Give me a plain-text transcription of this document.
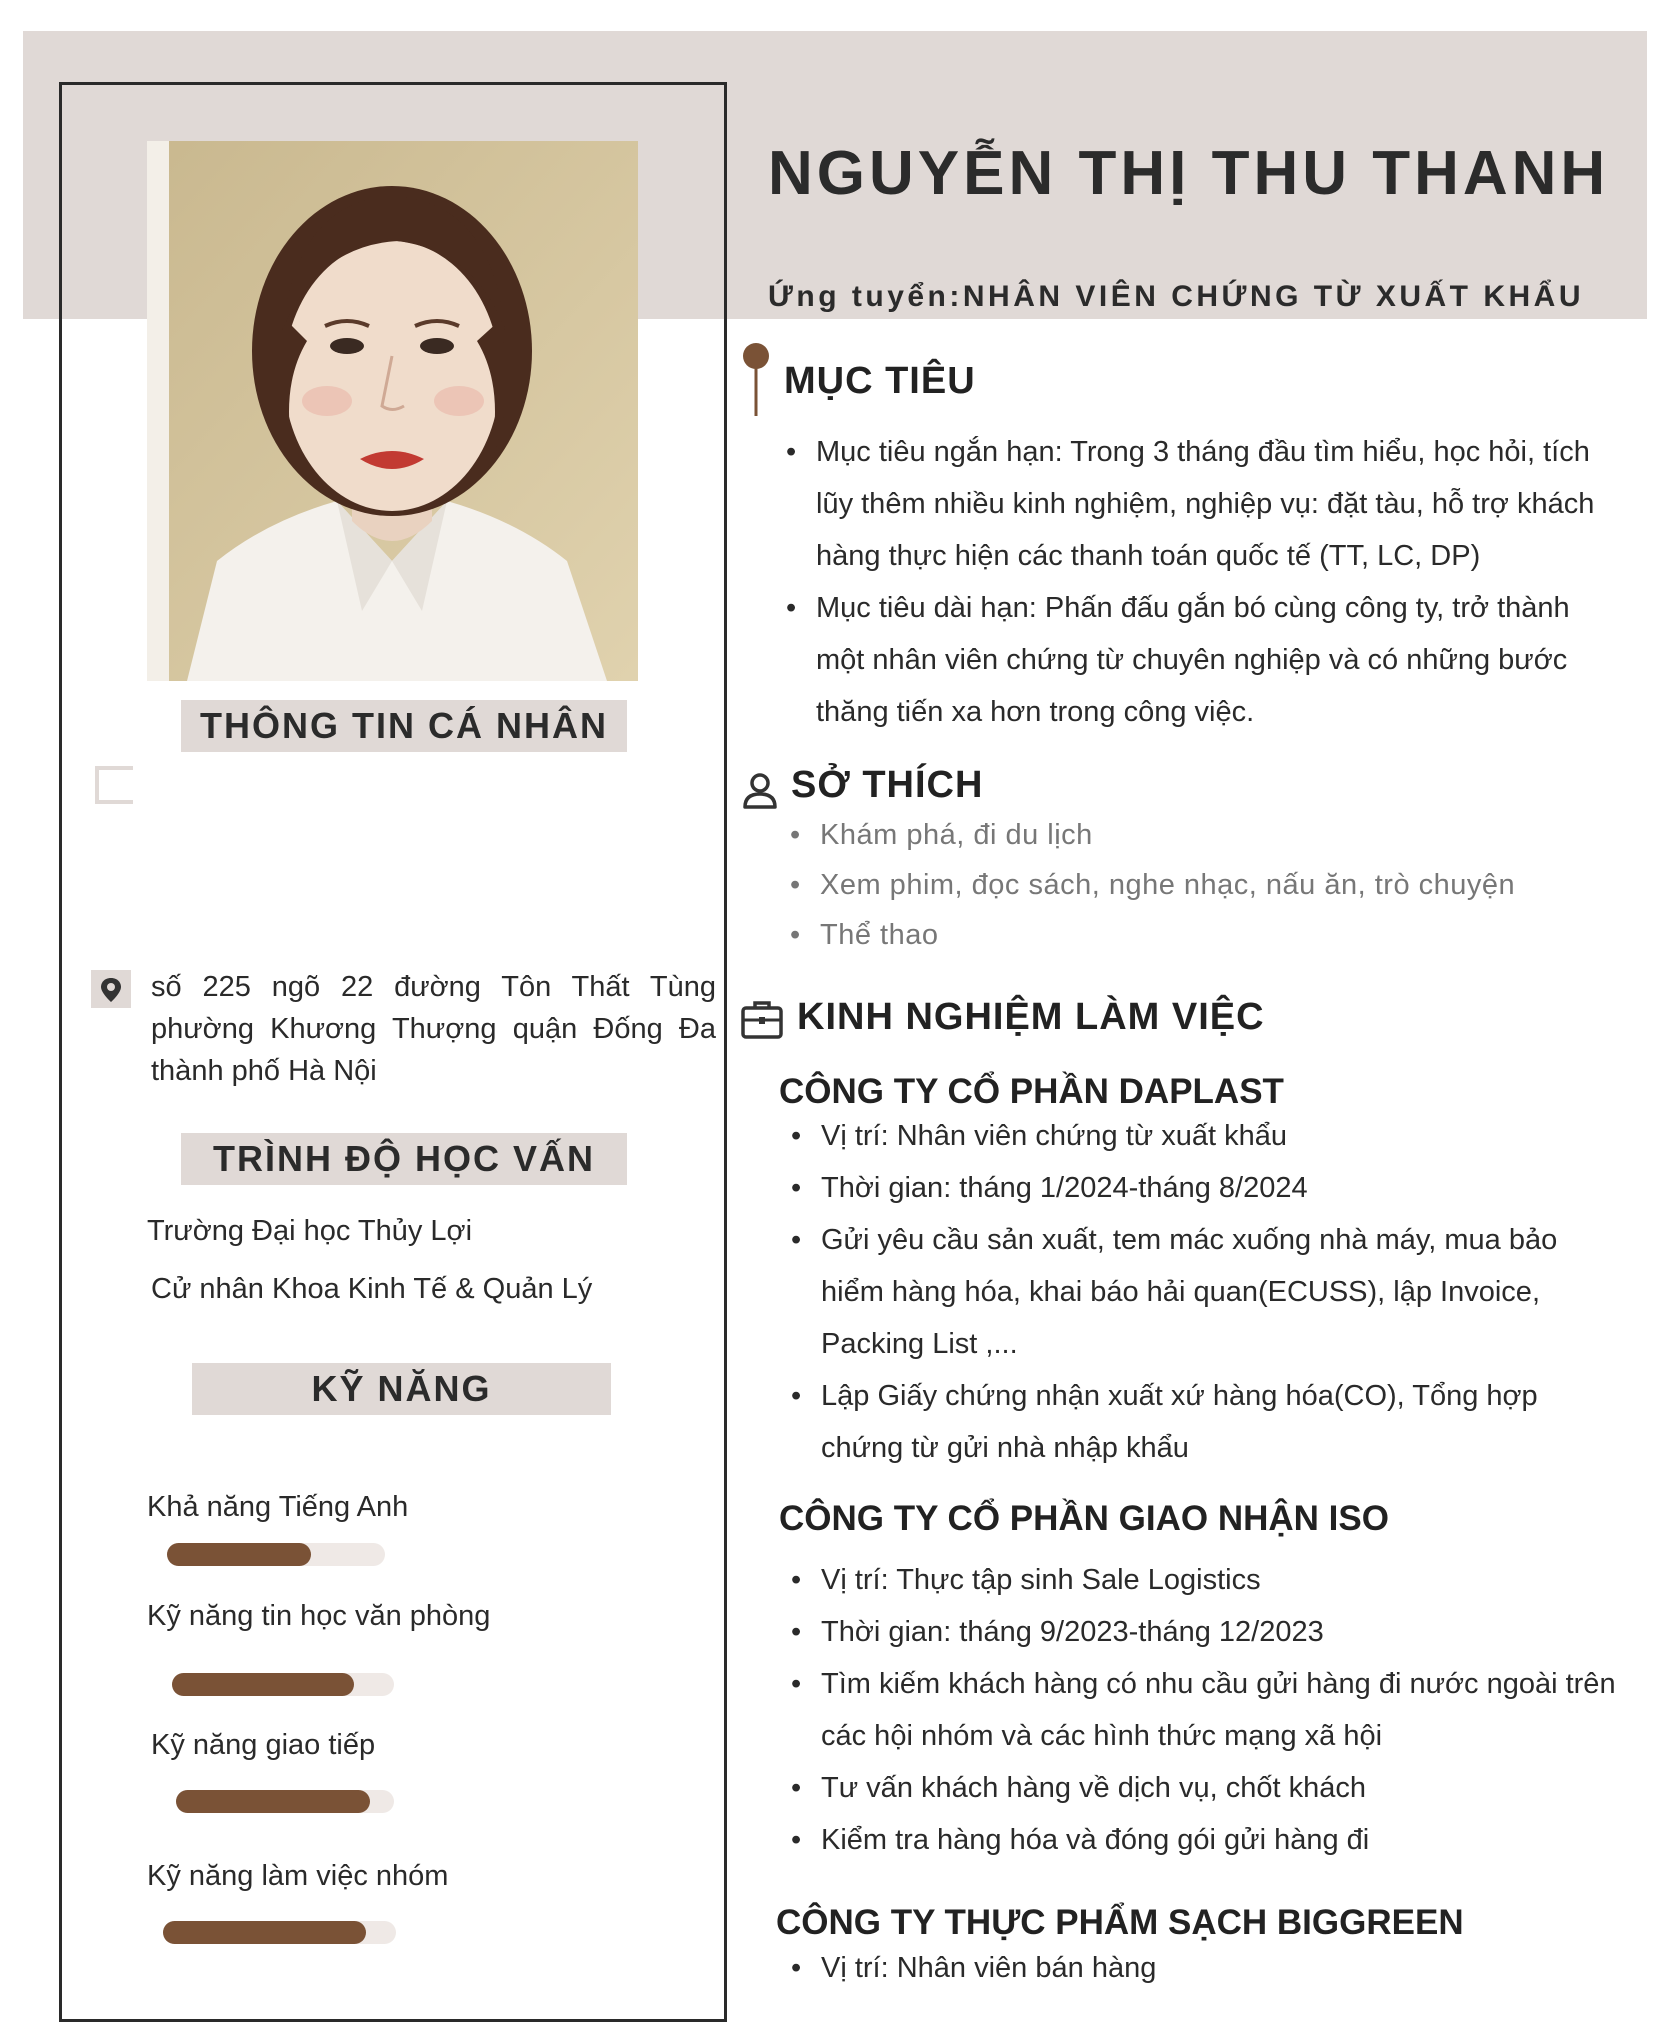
THÔNG TIN CÁ NHÂN
số 225 ngõ 22 đường Tôn Thất Tùng phường Khương Thượng quận Đống Đa thành phố Hà Nội
TRÌNH ĐỘ HỌC VẤN
Trường Đại học Thủy Lợi
Cử nhân Khoa Kinh Tế & Quản Lý
KỸ NĂNG
Khả năng Tiếng Anh
Kỹ năng tin học văn phòng
Kỹ năng giao tiếp
Kỹ năng làm việc nhóm
NGUYỄN THỊ THU THANH
Ứng tuyển:NHÂN VIÊN CHỨNG TỪ XUẤT KHẨU
MỤC TIÊU
• Mục tiêu ngắn hạn: Trong 3 tháng đầu tìm hiểu, học hỏi, tích lũy thêm nhiều kinh nghiệm, nghiệp vụ: đặt tàu, hỗ trợ khách hàng thực hiện các thanh toán quốc tế (TT, LC, DP)
• Mục tiêu dài hạn: Phấn đấu gắn bó cùng công ty, trở thành một nhân viên chứng từ chuyên nghiệp và có những bước thăng tiến xa hơn trong công việc.
SỞ THÍCH
• Khám phá, đi du lịch
• Xem phim, đọc sách, nghe nhạc, nấu ăn, trò chuyện
• Thể thao
KINH NGHIỆM LÀM VIỆC
CÔNG TY CỔ PHẦN DAPLAST
• Vị trí: Nhân viên chứng từ xuất khẩu
• Thời gian: tháng 1/2024-tháng 8/2024
• Gửi yêu cầu sản xuất, tem mác xuống nhà máy, mua bảo hiểm hàng hóa, khai báo hải quan(ECUSS), lập Invoice, Packing List ,...
• Lập Giấy chứng nhận xuất xứ hàng hóa(CO), Tổng hợp chứng từ gửi nhà nhập khẩu
CÔNG TY CỔ PHẦN GIAO NHẬN ISO
• Vị trí: Thực tập sinh Sale Logistics
• Thời gian: tháng 9/2023-tháng 12/2023
• Tìm kiếm khách hàng có nhu cầu gửi hàng đi nước ngoài trên các hội nhóm và các hình thức mạng xã hội
• Tư vấn khách hàng về dịch vụ, chốt khách
• Kiểm tra hàng hóa và đóng gói gửi hàng đi
CÔNG TY THỰC PHẨM SẠCH BIGGREEN
• Vị trí: Nhân viên bán hàng
